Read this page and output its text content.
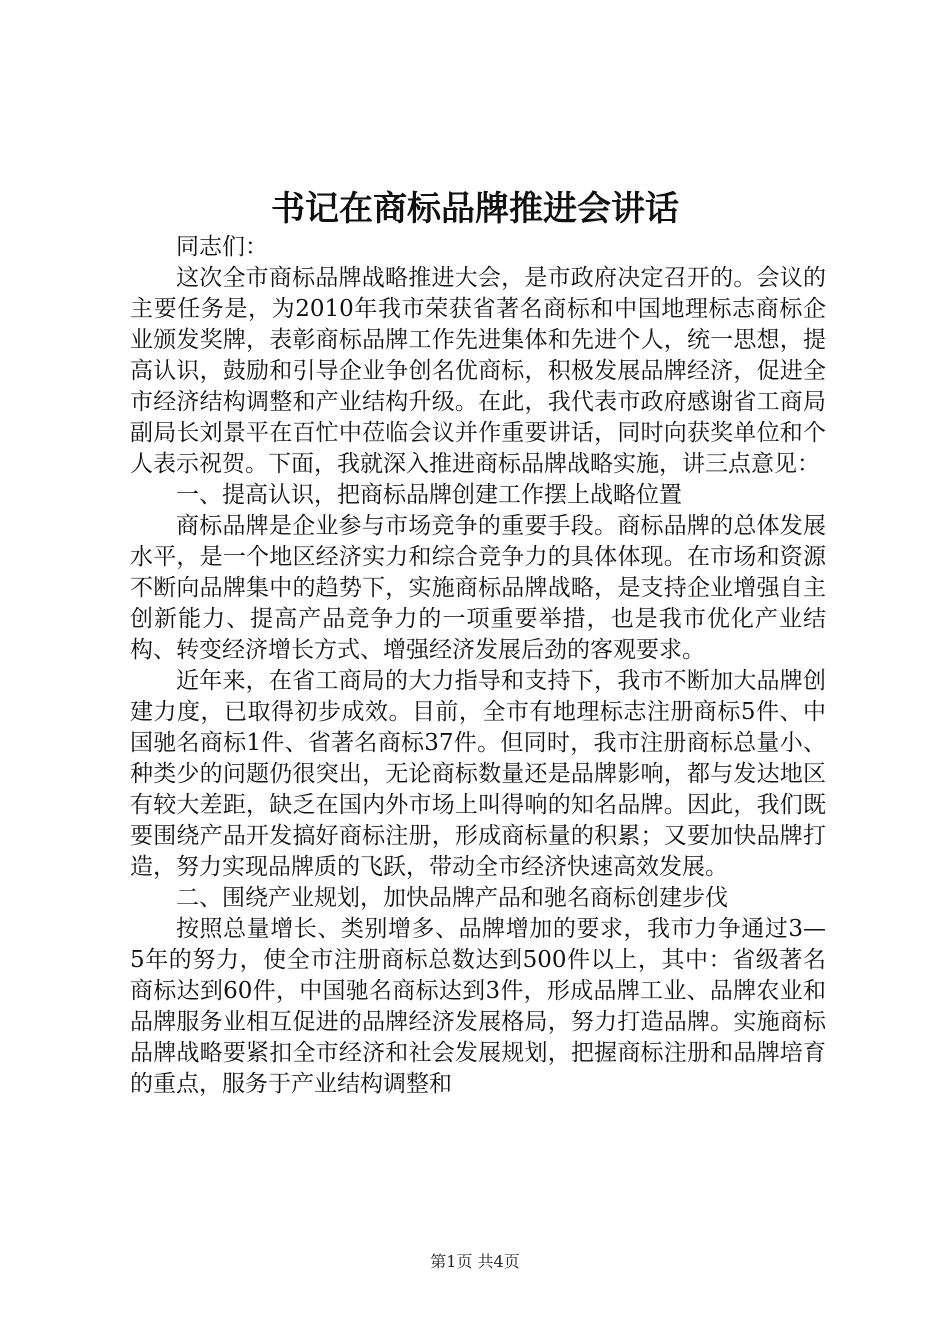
书记在商标品牌推进会讲话

同志们：

这次全市商标品牌战略推进大会，是市政府决定召开的。会议的主要任务是，为2010年我市荣获省著名商标和中国地理标志商标企业颁发奖牌，表彰商标品牌工作先进集体和先进个人，统一思想，提高认识，鼓励和引导企业争创名优商标，积极发展品牌经济，促进全市经济结构调整和产业结构升级。在此，我代表市政府感谢省工商局副局长刘景平在百忙中莅临会议并作重要讲话，同时向获奖单位和个人表示祝贺。下面，我就深入推进商标品牌战略实施，讲三点意见：

一、提高认识，把商标品牌创建工作摆上战略位置

商标品牌是企业参与市场竞争的重要手段。商标品牌的总体发展水平，是一个地区经济实力和综合竞争力的具体体现。在市场和资源不断向品牌集中的趋势下，实施商标品牌战略，是支持企业增强自主创新能力、提高产品竞争力的一项重要举措，也是我市优化产业结构、转变经济增长方式、增强经济发展后劲的客观要求。

近年来，在省工商局的大力指导和支持下，我市不断加大品牌创建力度，已取得初步成效。目前，全市有地理标志注册商标5件、中国驰名商标1件、省著名商标37件。但同时，我市注册商标总量小、种类少的问题仍很突出，无论商标数量还是品牌影响，都与发达地区有较大差距，缺乏在国内外市场上叫得响的知名品牌。因此，我们既要围绕产品开发搞好商标注册，形成商标量的积累；又要加快品牌打造，努力实现品牌质的飞跃，带动全市经济快速高效发展。

二、围绕产业规划，加快品牌产品和驰名商标创建步伐

按照总量增长、类别增多、品牌增加的要求，我市力争通过3—5年的努力，使全市注册商标总数达到500件以上，其中：省级著名商标达到60件，中国驰名商标达到3件，形成品牌工业、品牌农业和品牌服务业相互促进的品牌经济发展格局，努力打造品牌。实施商标品牌战略要紧扣全市经济和社会发展规划，把握商标注册和品牌培育的重点，服务于产业结构调整和

第1页 共4页
